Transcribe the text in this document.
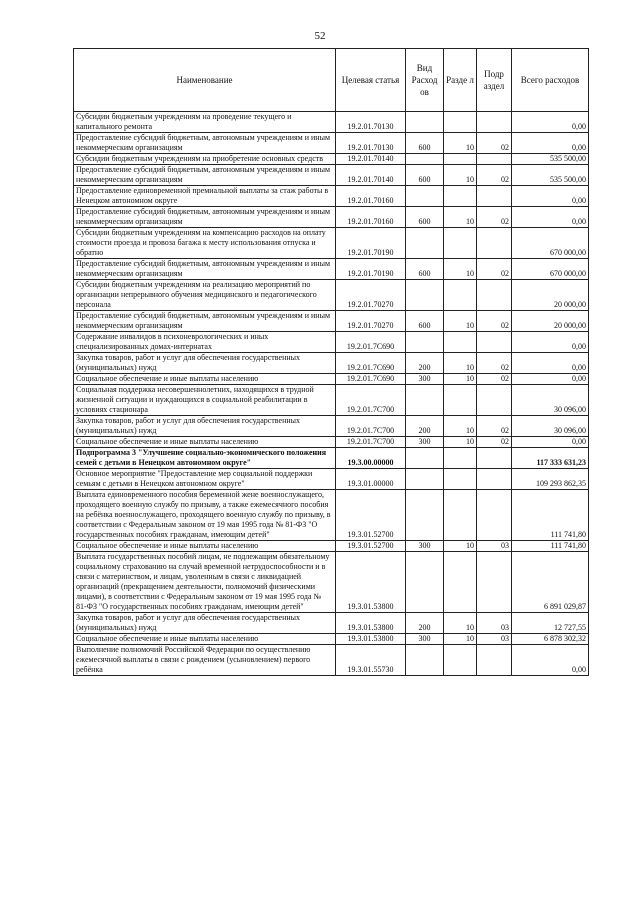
52
Наименование	Целевая статья	Вид Расход ов	Разде л	Подр аздел	Всего расходов
Субсидии бюджетным учреждениям на проведение текущего и капитального ремонта	19.2.01.70130				0,00
Предоставление субсидий бюджетным, автономным учреждениям и иным некоммерческим организациям	19.2.01.70130	600	10	02	0,00
Субсидии бюджетным учреждениям на приобретение основных средств	19.2.01.70140				535 500,00
Предоставление субсидий бюджетным, автономным учреждениям и иным некоммерческим организациям	19.2.01.70140	600	10	02	535 500,00
Предоставление единовременной премиальной выплаты за стаж работы в Ненецком автономном округе	19.2.01.70160				0,00
Предоставление субсидий бюджетным, автономным учреждениям и иным некоммерческим организациям	19.2.01.70160	600	10	02	0,00
Субсидии бюджетным учреждениям на компенсацию расходов на оплату стоимости проезда и провоза багажа к месту использования отпуска и обратно	19.2.01.70190				670 000,00
Предоставление субсидий бюджетным, автономным учреждениям и иным некоммерческим организациям	19.2.01.70190	600	10	02	670 000,00
Субсидии бюджетным учреждениям на реализацию мероприятий по организации непрерывного обучения медицинского и педагогического персонала	19.2.01.70270				20 000,00
Предоставление субсидий бюджетным, автономным учреждениям и иным некоммерческим организациям	19.2.01.70270	600	10	02	20 000,00
Содержание инвалидов в психоневрологических и иных специализированных домах-интернатах	19.2.01.7С690				0,00
Закупка товаров, работ и услуг для обеспечения государственных (муниципальных) нужд	19.2.01.7С690	200	10	02	0,00
Социальное обеспечение и иные выплаты населению	19.2.01.7С690	300	10	02	0,00
Социальная поддержка несовершеннолетних, находящихся в трудной жизненной ситуации и нуждающихся в социальной реабилитации в условиях стационара	19.2.01.7С700				30 096,00
Закупка товаров, работ и услуг для обеспечения государственных (муниципальных) нужд	19.2.01.7С700	200	10	02	30 096,00
Социальное обеспечение и иные выплаты населению	19.2.01.7С700	300	10	02	0,00
Подпрограмма 3 "Улучшение социально-экономического положения семей с детьми в Ненецком автономном округе"	19.3.00.00000				117 333 631,23
Основное мероприятие "Предоставление мер социальной поддержки семьям с детьми в Ненецком автономном округе"	19.3.01.00000				109 293 862,35
Выплата единовременного пособия беременной жене военнослужащего, проходящего военную службу по призыву, а также ежемесячного пособия на ребёнка военнослужащего, проходящего военную службу по призыву, в соответствии с Федеральным законом от 19 мая 1995 года № 81-ФЗ "О государственных пособиях гражданам, имеющим детей"	19.3.01.52700				111 741,80
Социальное обеспечение и иные выплаты населению	19.3.01.52700	300	10	03	111 741,80
Выплата государственных пособий лицам, не подлежащим обязательному социальному страхованию на случай временной нетрудоспособности и в связи с материнством, и лицам, уволенным в связи с ликвидацией организаций (прекращением деятельности, полномочий физическими лицами), в соответствии с Федеральным законом от 19 мая 1995 года № 81-ФЗ "О государственных пособиях гражданам, имеющим детей"	19.3.01.53800				6 891 029,87
Закупка товаров, работ и услуг для обеспечения государственных (муниципальных) нужд	19.3.01.53800	200	10	03	12 727,55
Социальное обеспечение и иные выплаты населению	19.3.01.53800	300	10	03	6 878 302,32
Выполнение полномочий Российской Федерации по осуществлению ежемесячной выплаты в связи с рождением (усыновлением) первого ребёнка	19.3.01.55730				0,00
